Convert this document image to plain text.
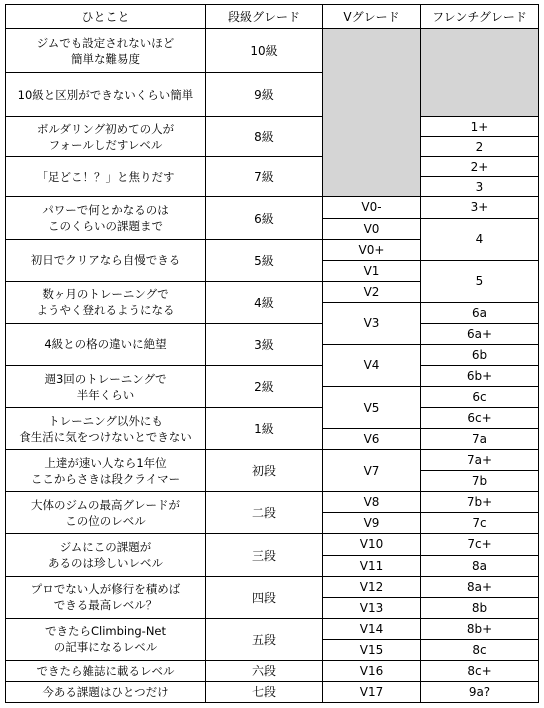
ひとこと	段級グレード	Vグレード	フレンチグレード
ジムでも設定されないほど
簡単な難易度	10級		

10級と区別ができないくらい簡単	9級		

ボルダリング初めての人が
フォールしだすレベル	8級		1+
			2
「足どこ！？」と焦りだす	7級		2+
			3
パワーで何とかなるのは
このくらいの課題まで	6級	V0-	3+
		V0	4
初日でクリアなら自慢できる	5級	V0+	
		V1	5
数ヶ月のトレーニングで
ようやく登れるようになる	4級	V2	
		V3	6a
4級との格の違いに絶望	3級		6a+
		V4	6b
週3回のトレーニングで
半年くらい	2級		6b+
		V5	6c
トレーニング以外にも
食生活に気をつけないとできない	1級		6c+
		V6	7a
上達が速い人なら1年位
ここからさきは段クライマー	初段	V7	7a+
			7b
大体のジムの最高グレードが
この位のレベル	二段	V8	7b+
		V9	7c
ジムにこの課題が
あるのは珍しいレベル	三段	V10	7c+
		V11	8a
プロでない人が修行を積めば
できる最高レベル？	四段	V12	8a+
		V13	8b
できたらClimbing-Net
の記事になるレベル	五段	V14	8b+
		V15	8c
できたら雑誌に載るレベル	六段	V16	8c+
今ある課題はひとつだけ	七段	V17	9a?
